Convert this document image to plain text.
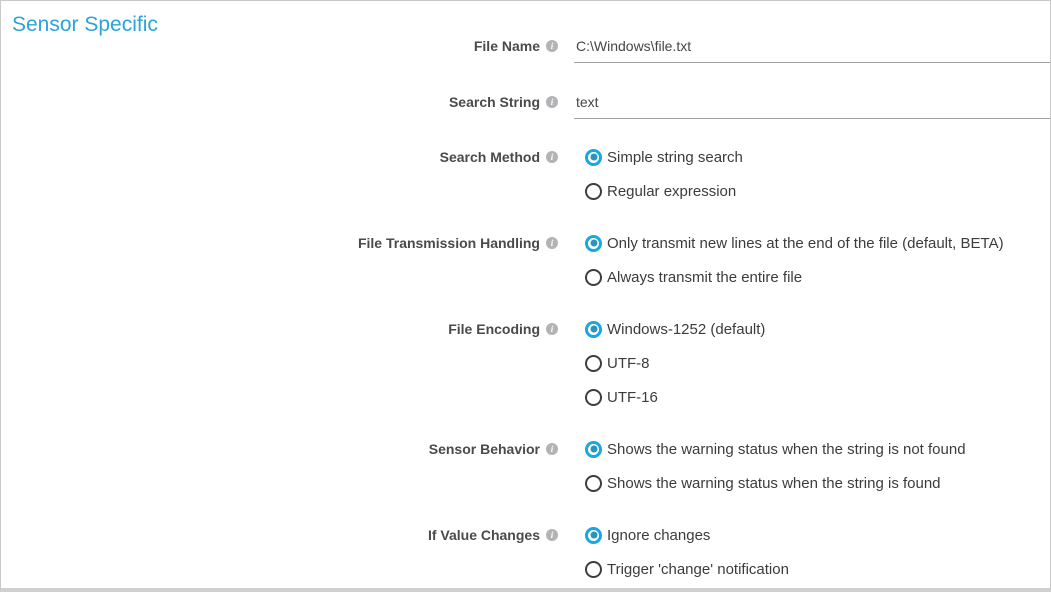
Sensor Specific
File Name	i
C:\Windows\file.txt
Search String	i
text
Search Method	i	Simple string search
Regular expression
File Transmission Handling	i	Only transmit new lines at the end of the file (default, BETA)
Always transmit the entire file
File Encoding	i	Windows-1252 (default)
UTF-8
UTF-16
Sensor Behavior	i	Shows the warning status when the string is not found
Shows the warning status when the string is found
If Value Changes	i	Ignore changes
Trigger 'change' notification
